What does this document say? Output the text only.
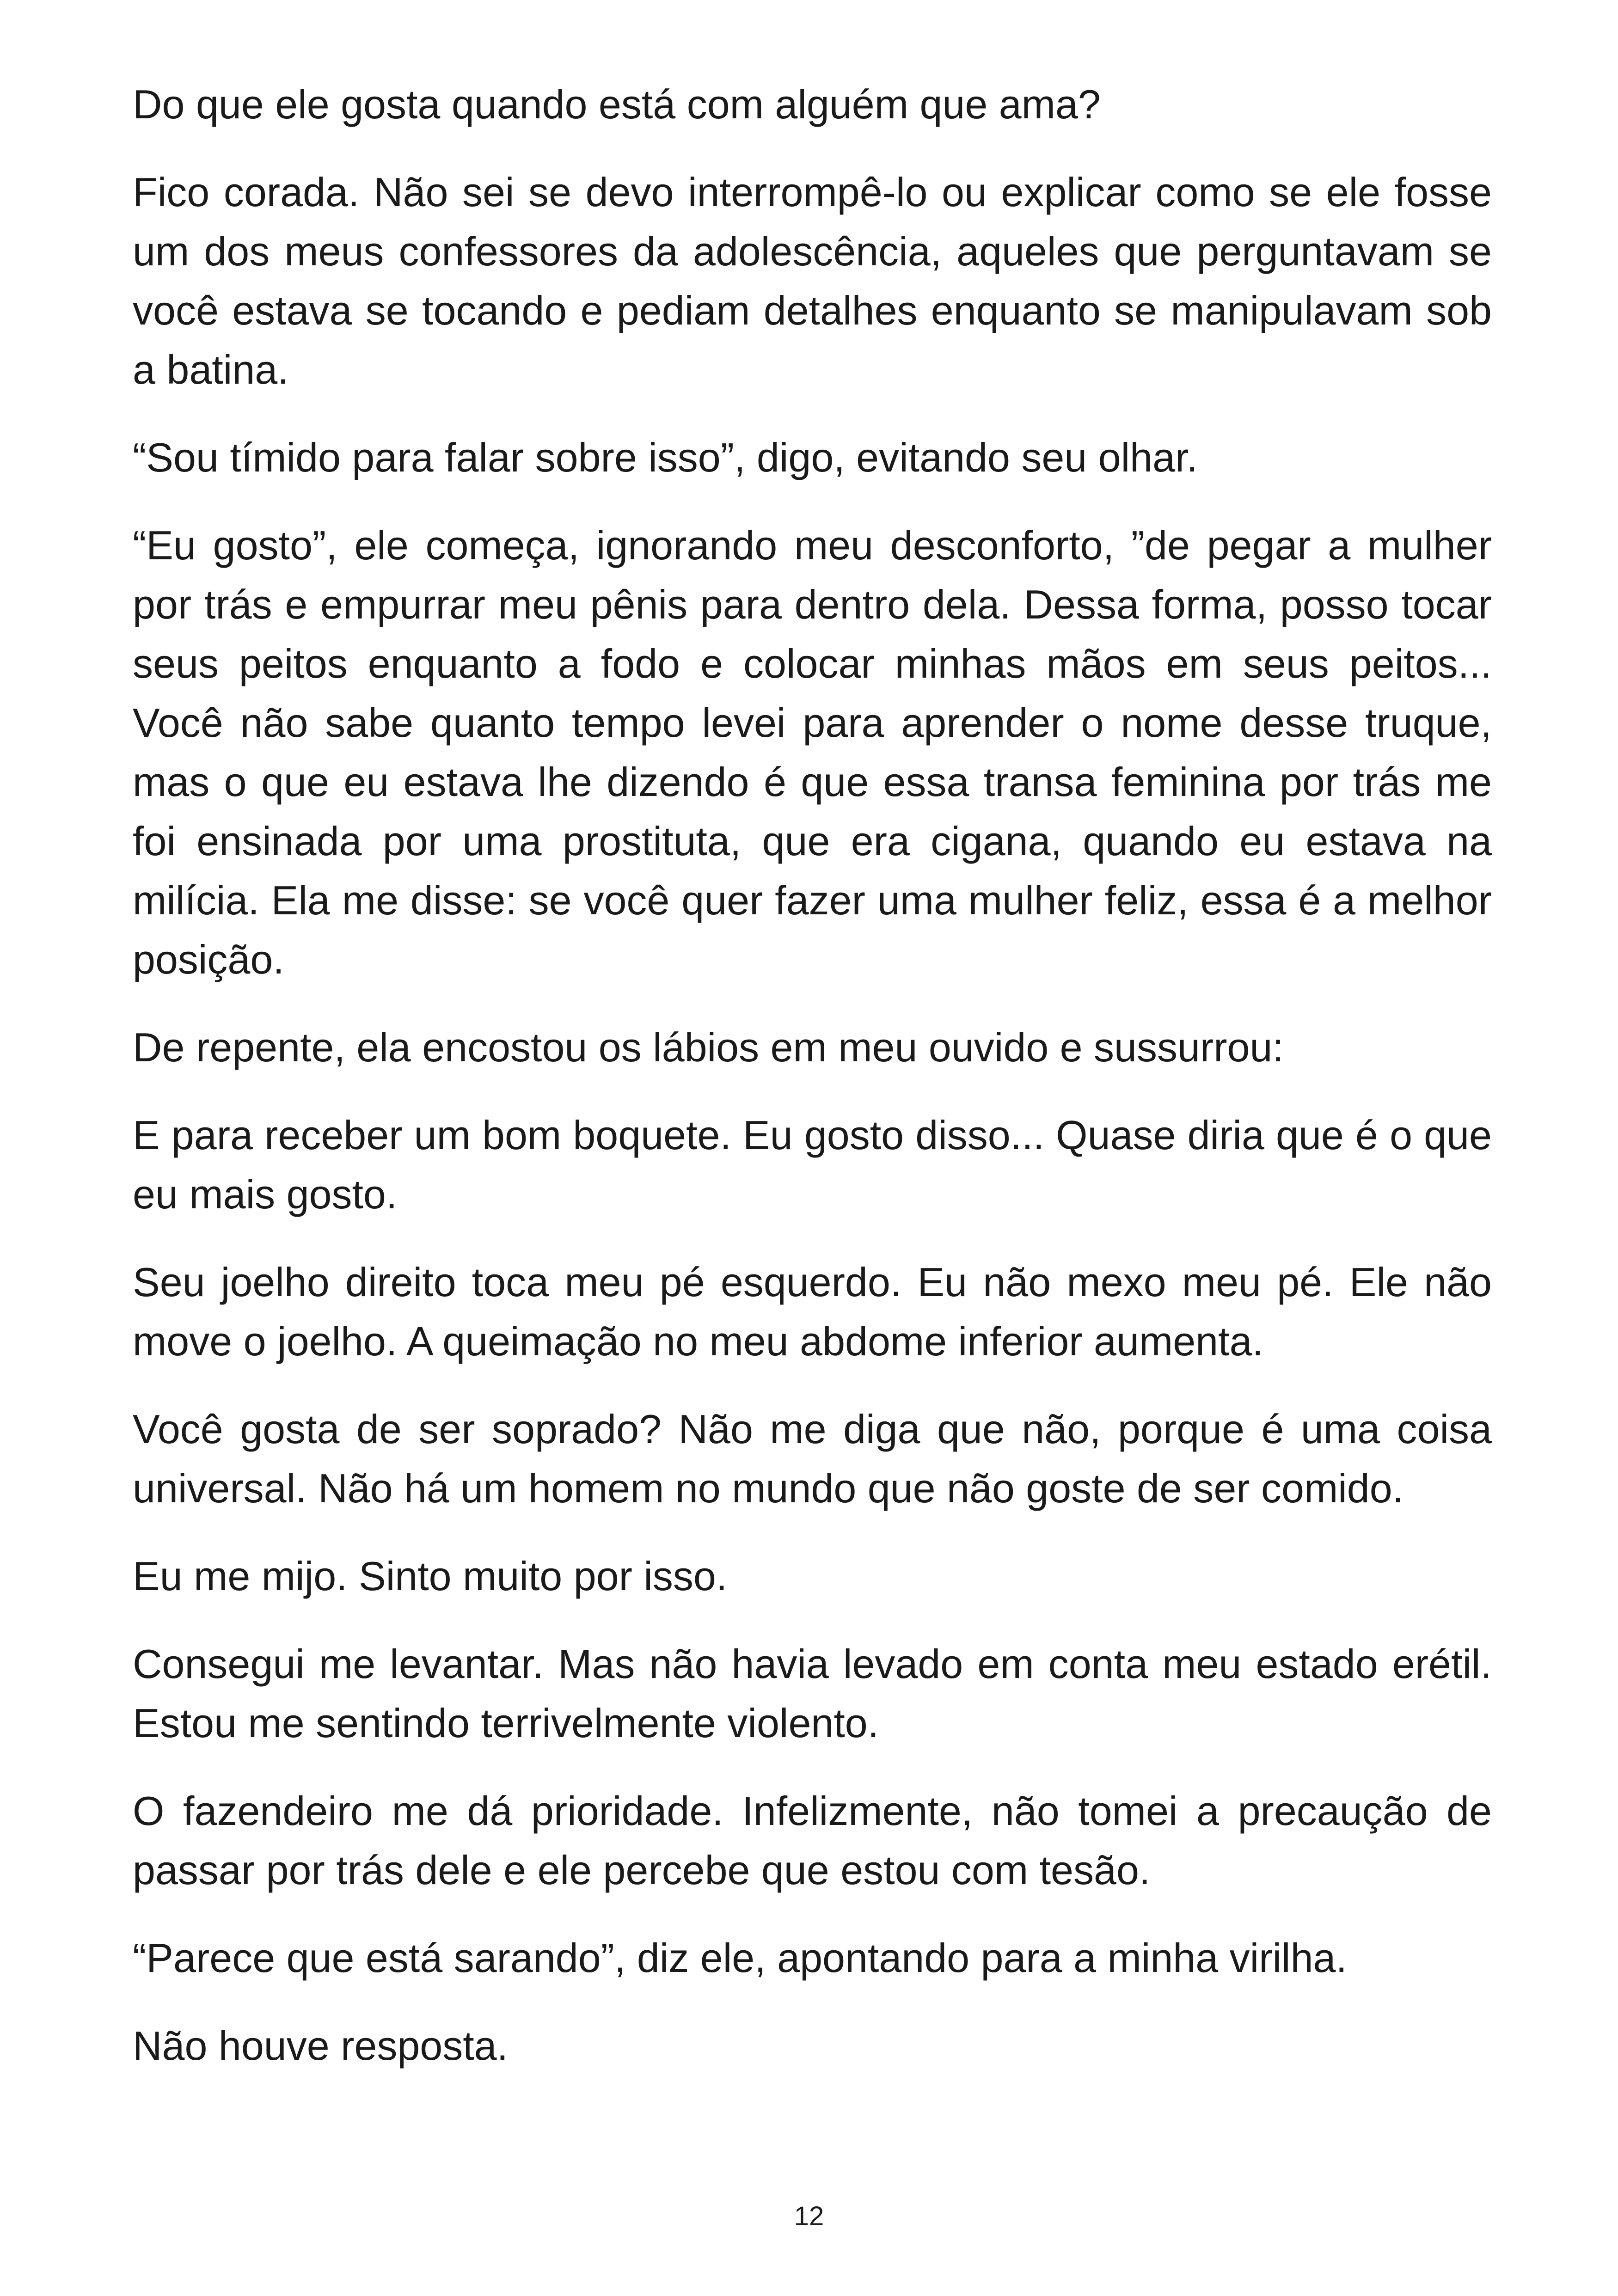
Do que ele gosta quando está com alguém que ama?

Fico corada. Não sei se devo interrompê-lo ou explicar como se ele fosse um dos meus confessores da adolescência, aqueles que perguntavam se você estava se tocando e pediam detalhes enquanto se manipulavam sob a batina.

“Sou tímido para falar sobre isso”, digo, evitando seu olhar.

“Eu gosto”, ele começa, ignorando meu desconforto, ”de pegar a mulher por trás e empurrar meu pênis para dentro dela. Dessa forma, posso tocar seus peitos enquanto a fodo e colocar minhas mãos em seus peitos... Você não sabe quanto tempo levei para aprender o nome desse truque, mas o que eu estava lhe dizendo é que essa transa feminina por trás me foi ensinada por uma prostituta, que era cigana, quando eu estava na milícia. Ela me disse: se você quer fazer uma mulher feliz, essa é a melhor posição.

De repente, ela encostou os lábios em meu ouvido e sussurrou:

E para receber um bom boquete. Eu gosto disso... Quase diria que é o que eu mais gosto.

Seu joelho direito toca meu pé esquerdo. Eu não mexo meu pé. Ele não move o joelho. A queimação no meu abdome inferior aumenta.

Você gosta de ser soprado? Não me diga que não, porque é uma coisa universal. Não há um homem no mundo que não goste de ser comido.

Eu me mijo. Sinto muito por isso.

Consegui me levantar. Mas não havia levado em conta meu estado erétil. Estou me sentindo terrivelmente violento.

O fazendeiro me dá prioridade. Infelizmente, não tomei a precaução de passar por trás dele e ele percebe que estou com tesão.

“Parece que está sarando”, diz ele, apontando para a minha virilha.

Não houve resposta.

12
